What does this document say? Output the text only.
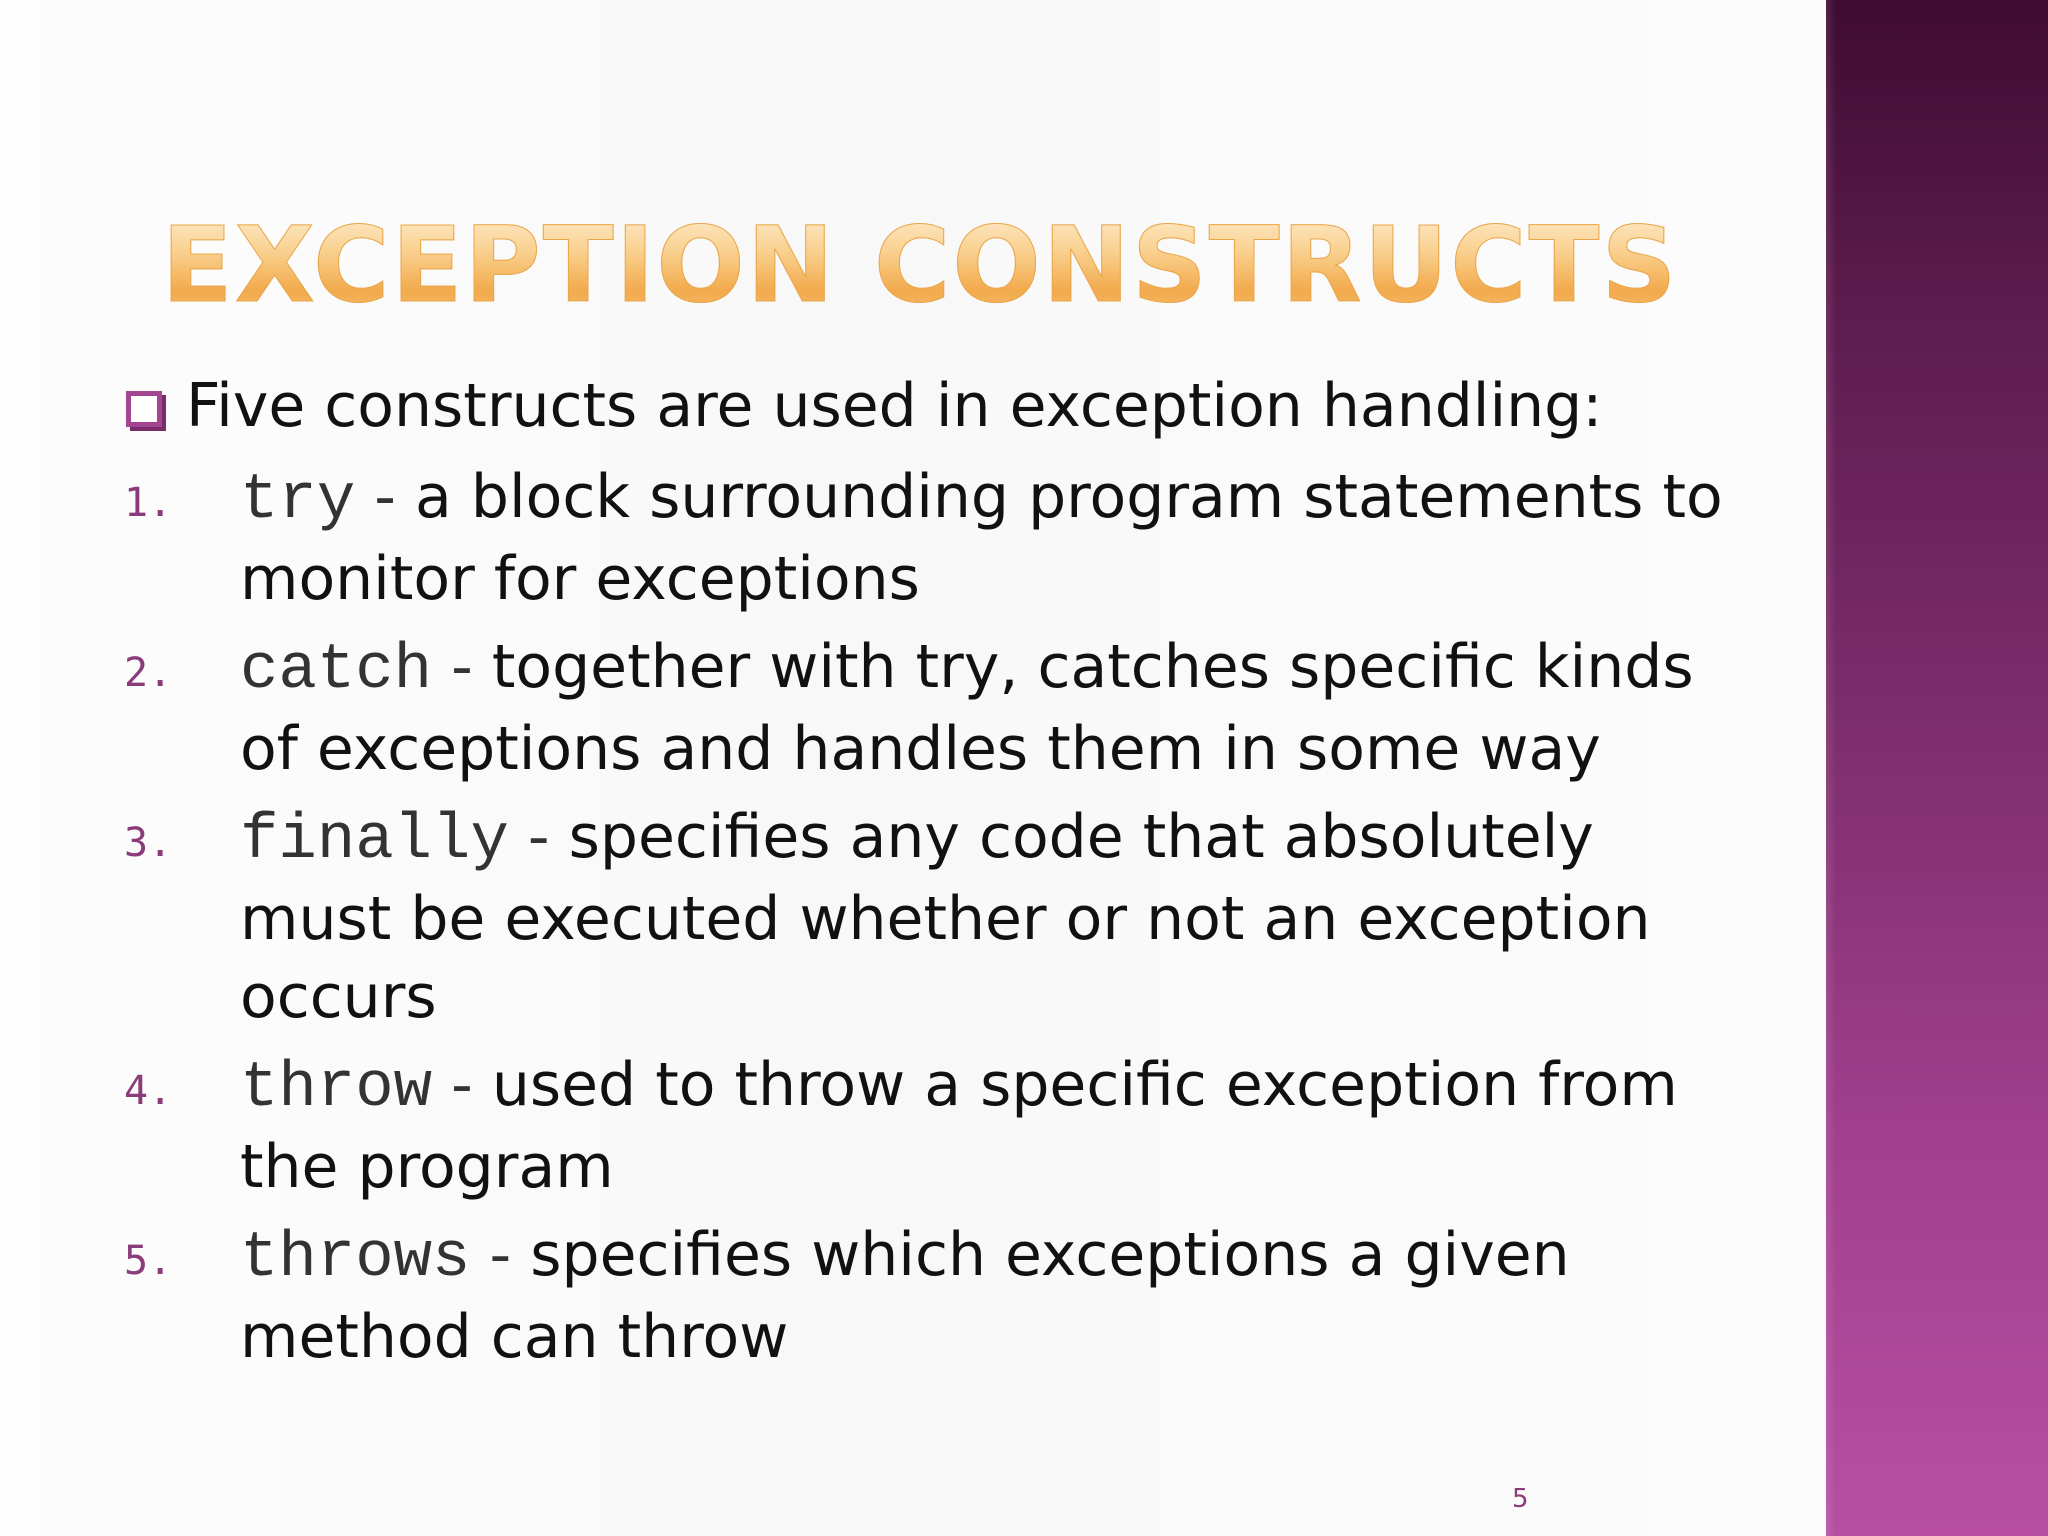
EXCEPTION CONSTRUCTS
Five constructs are used in exception handling:
1. try - a block surrounding program statements to monitor for exceptions
2. catch - together with try, catches specific kinds of exceptions and handles them in some way
3. finally - specifies any code that absolutely must be executed whether or not an exception occurs
4. throw - used to throw a specific exception from the program
5. throws - specifies which exceptions a given method can throw
5
